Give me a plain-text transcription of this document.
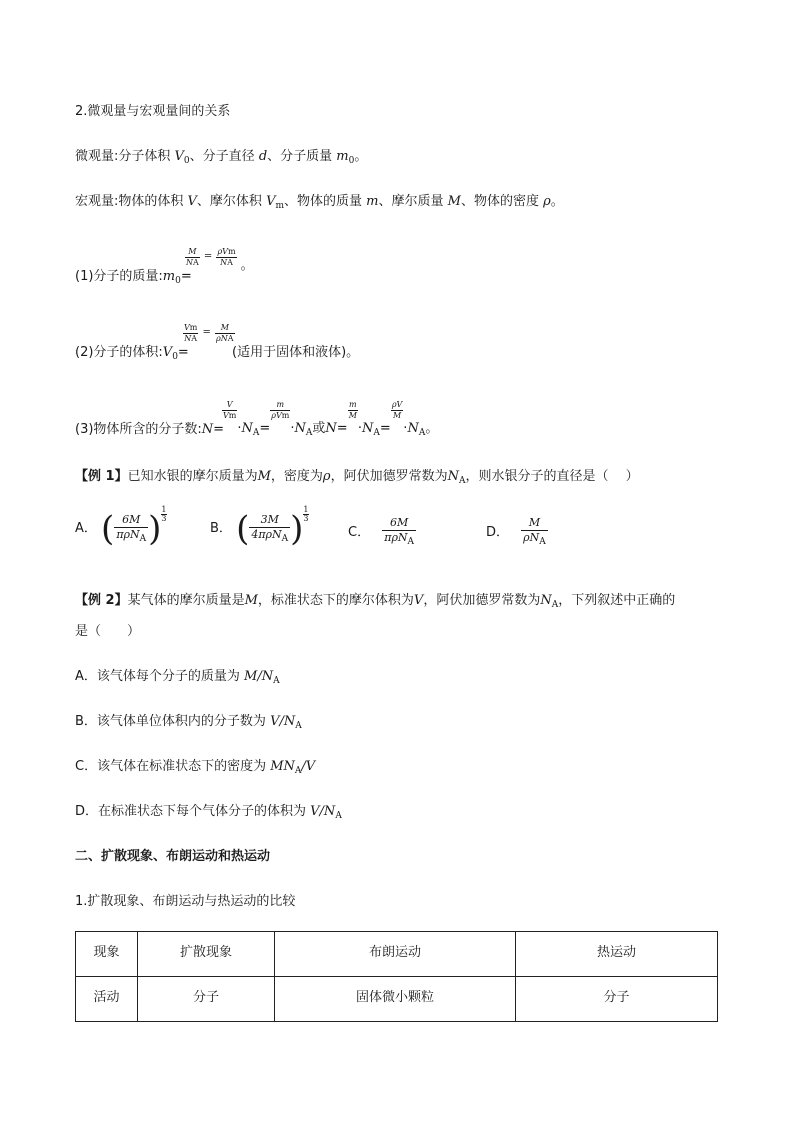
2.微观量与宏观量间的关系
微观量:分子体积 $V_0$、分子直径 d、分子质量 $m_0$。
宏观量:物体的体积 V、摩尔体积 $V_m$、物体的质量 m、摩尔质量 M、物体的密度 ρ。
(1)分子的质量$:m_0=$
$\frac{M}{NA} ^= \frac{\text{ρVm}}{NA}$ 。
(2)分子的体积$:V_0=$
$\frac{Vm}{NA} ^= \frac{M}{\text{ρNA}}$
(适用于固体和液体)。
(3)物体所含的分子数:N=
$\frac{V}{Vm}$
$\cdot N_A=$
$\frac{m}{\text{ρVm}}$
$\cdot N_A$或N=
$\frac{m}{M}$
$\cdot N_A=$
$\frac{\rho V}{M}$
$\cdot N_A$。
【例 1】已知水银的摩尔质量为M，密度为ρ，阿伏加德罗常数为$N_A$，则水银分子的直径是（　 ）
A． ( $\frac{6M}{\pi\rho N_A}$ ) $\frac{1}{3}$
B． ( $\frac{3M}{4\pi\rho N_A}$ ) $\frac{1}{3}$
C． $\frac{6M}{\pi\rho N_A}$	D． $\frac{M}{\rho N_A}$
【例 2】某气体的摩尔质量是M，标准状态下的摩尔体积为V，阿伏加德罗常数为$N_A$，下列叙述中正确的
是（　　）
A．该气体每个分子的质量为 $M/N_A$
B．该气体单位体积内的分子数为 $V/N_A$
C．该气体在标准状态下的密度为 $MN_A/V$
D．在标准状态下每个气体分子的体积为 $V/N_A$
二、扩散现象、布朗运动和热运动
1.扩散现象、布朗运动与热运动的比较
现象	扩散现象	布朗运动	热运动
活动	分子	固体微小颗粒	分子
